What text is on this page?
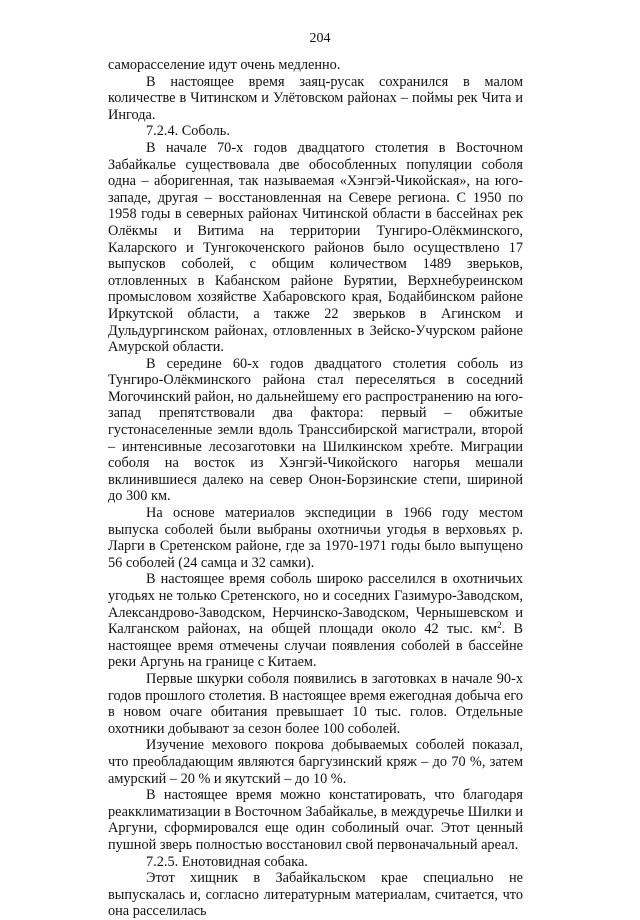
204

саморасселение идут очень медленно.

В настоящее время заяц-русак сохранился в малом количестве в Читинском и Улётовском районах – поймы рек Чита и Ингода.

7.2.4. Соболь.

В начале 70-х годов двадцатого столетия в Восточном Забайкалье существовала две обособленных популяции соболя одна – аборигенная, так называемая «Хэнгэй-Чикойская», на юго-западе, другая – восстановленная на Севере региона. С 1950 по 1958 годы в северных районах Читинской области в бассейнах рек Олёкмы и Витима на территории Тунгиро-Олёкминского, Каларского и Тунгокоченского районов было осуществлено 17 выпусков соболей, с общим количеством 1489 зверьков, отловленных в Кабанском районе Бурятии, Верхнебуреинском промысловом хозяйстве Хабаровского края, Бодайбинском районе Иркутской области, а также 22 зверьков в Агинском и Дульдургинском районах, отловленных в Зейско-Учурском районе Амурской области.

В середине 60-х годов двадцатого столетия соболь из Тунгиро-Олёкминского района стал переселяться в соседний Могочинский район, но дальнейшему его распространению на юго-запад препятствовали два фактора: первый – обжитые густонаселенные земли вдоль Транссибирской магистрали, второй – интенсивные лесозаготовки на Шилкинском хребте. Миграции соболя на восток из Хэнгэй-Чикойского нагорья мешали вклинившиеся далеко на север Онон-Борзинские степи, шириной до 300 км.

На основе материалов экспедиции в 1966 году местом выпуска соболей были выбраны охотничьи угодья в верховьях р. Ларги в Сретенском районе, где за 1970-1971 годы было выпущено 56 соболей (24 самца и 32 самки).

В настоящее время соболь широко расселился в охотничьих угодьях не только Сретенского, но и соседних Газимуро-Заводском, Александрово-Заводском, Нерчинско-Заводском, Чернышевском и Калганском районах, на общей площади около 42 тыс. $км^2$. В настоящее время отмечены случаи появления соболей в бассейне реки Аргунь на границе с Китаем.

Первые шкурки соболя появились в заготовках в начале 90-х годов прошлого столетия. В настоящее время ежегодная добыча его в новом очаге обитания превышает 10 тыс. голов. Отдельные охотники добывают за сезон более 100 соболей.

Изучение мехового покрова добываемых соболей показал, что преобладающим являются баргузинский кряж – до 70 %, затем амурский – 20 % и якутский – до 10 %.

В настоящее время можно констатировать, что благодаря реакклиматизации в Восточном Забайкалье, в междуречье Шилки и Аргуни, сформировался еще один соболиный очаг. Этот ценный пушной зверь полностью восстановил свой первоначальный ареал.

7.2.5. Енотовидная собака.

Этот хищник в Забайкальском крае специально не выпускалась и, согласно литературным материалам, считается, что она расселилась
